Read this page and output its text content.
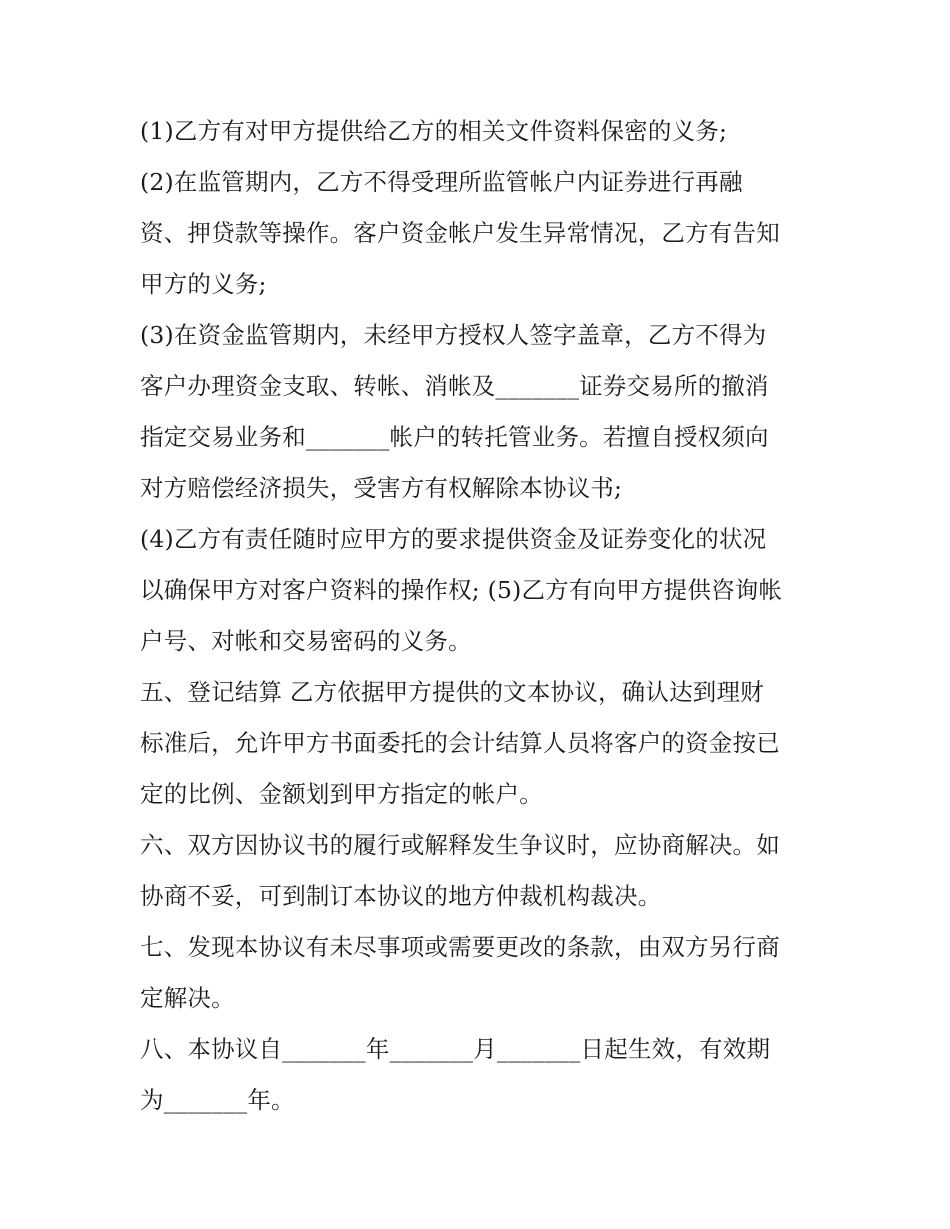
(1)乙方有对甲方提供给乙方的相关文件资料保密的义务;
(2)在监管期内，乙方不得受理所监管帐户内证券进行再融
资、押贷款等操作。客户资金帐户发生异常情况，乙方有告知
甲方的义务;
(3)在资金监管期内，未经甲方授权人签字盖章，乙方不得为
客户办理资金支取、转帐、消帐及_______证券交易所的撤消
指定交易业务和_______帐户的转托管业务。若擅自授权须向
对方赔偿经济损失，受害方有权解除本协议书;
(4)乙方有责任随时应甲方的要求提供资金及证券变化的状况
以确保甲方对客户资料的操作权; (5)乙方有向甲方提供咨询帐
户号、对帐和交易密码的义务。
五、登记结算 乙方依据甲方提供的文本协议，确认达到理财
标准后，允许甲方书面委托的会计结算人员将客户的资金按已
定的比例、金额划到甲方指定的帐户。
六、双方因协议书的履行或解释发生争议时，应协商解决。如
协商不妥，可到制订本协议的地方仲裁机构裁决。
七、发现本协议有未尽事项或需要更改的条款，由双方另行商
定解决。
八、本协议自_______年_______月_______日起生效，有效期
为_______年。
